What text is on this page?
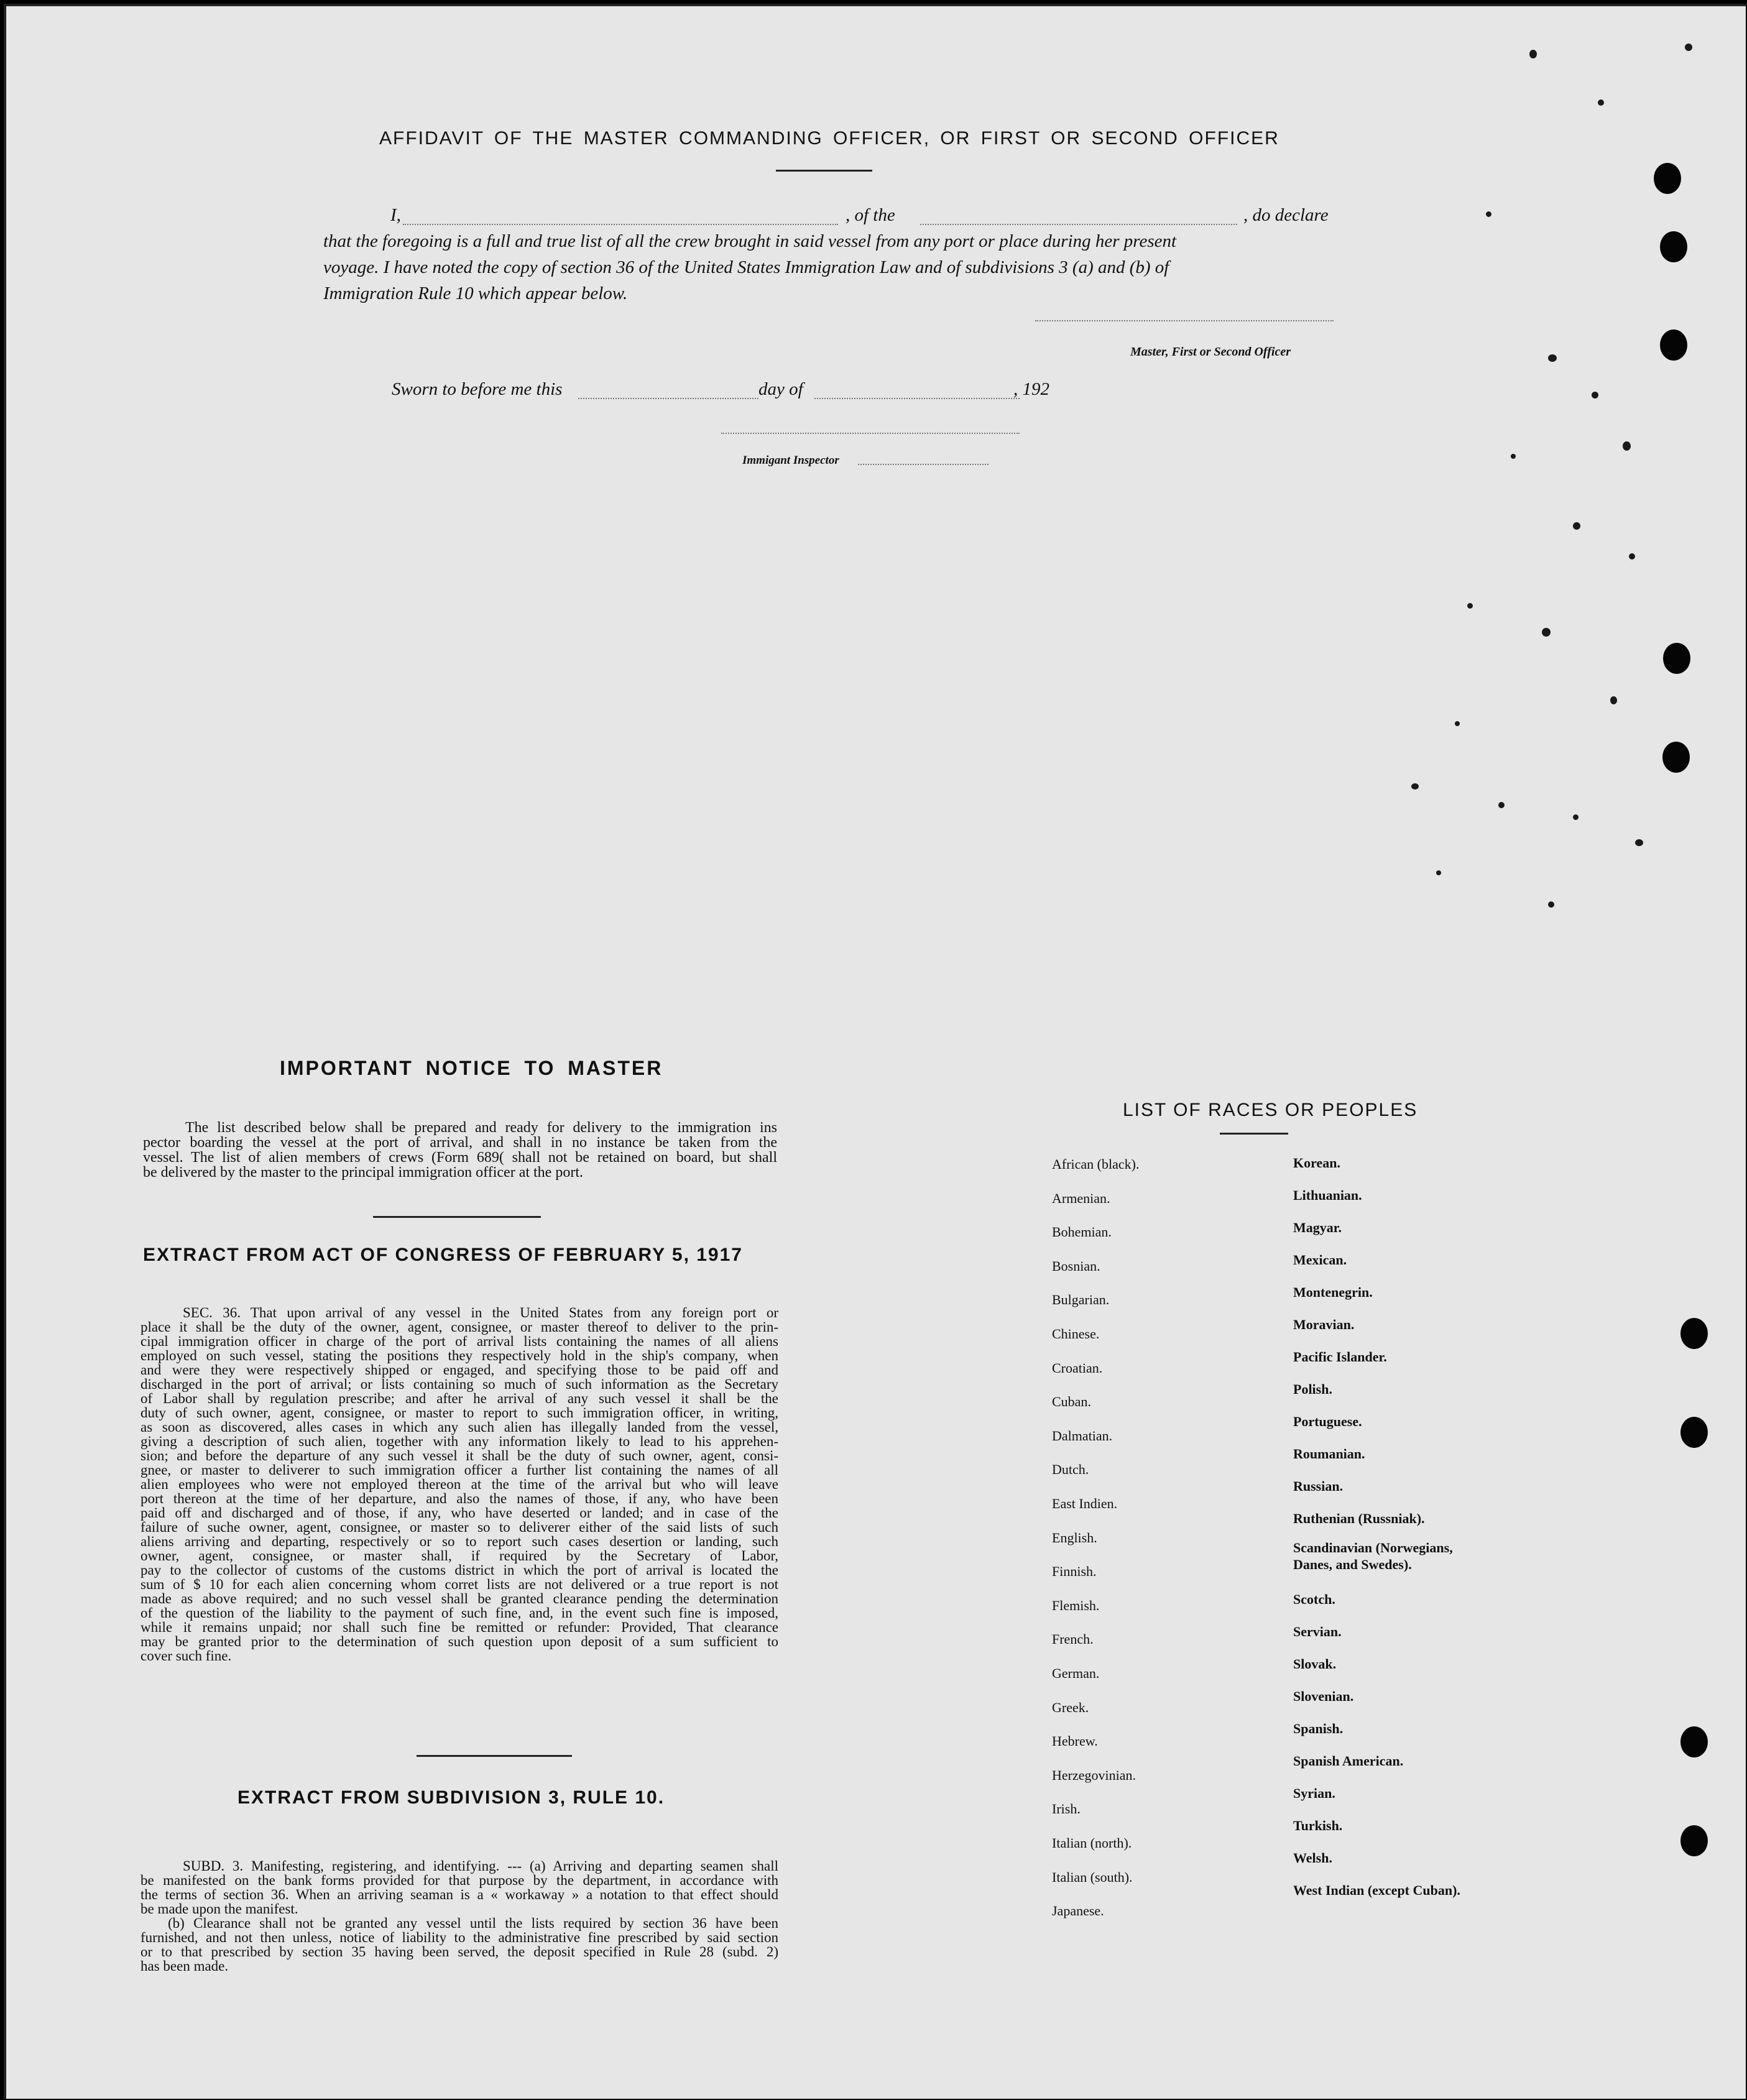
AFFIDAVIT OF THE MASTER COMMANDING OFFICER, OR FIRST OR SECOND OFFICER
I,	, of the	, do declare
that the foregoing is a full and true list of all the crew brought in said vessel from any port or place during her present
voyage. I have noted the copy of section 36 of the United States Immigration Law and of subdivisions 3 (a) and (b) of
Immigration Rule 10 which appear below.
Master, First or Second Officer
Sworn to before me this	day of	, 192
Immigant Inspector
IMPORTANT NOTICE TO MASTER
The list described below shall be prepared and ready for delivery to the immigration ins
pector boarding the vessel at the port of arrival, and shall in no instance be taken from the
vessel. The list of alien members of crews (Form 689( shall not be retained on board, but shall
be delivered by the master to the principal immigration officer at the port.
EXTRACT FROM ACT OF CONGRESS OF FEBRUARY 5, 1917
SEC. 36. That upon arrival of any vessel in the United States from any foreign port or
place it shall be the duty of the owner, agent, consignee, or master thereof to deliver to the prin-
cipal immigration officer in charge of the port of arrival lists containing the names of all aliens
employed on such vessel, stating the positions they respectively hold in the ship's company, when
and were they were respectively shipped or engaged, and specifying those to be paid off and
discharged in the port of arrival; or lists containing so much of such information as the Secretary
of Labor shall by regulation prescribe; and after he arrival of any such vessel it shall be the
duty of such owner, agent, consignee, or master to report to such immigration officer, in writing,
as soon as discovered, alles cases in which any such alien has illegally landed from the vessel,
giving a description of such alien, together with any information likely to lead to his apprehen-
sion; and before the departure of any such vessel it shall be the duty of such owner, agent, consi-
gnee, or master to deliverer to such immigration officer a further list containing the names of all
alien employees who were not employed thereon at the time of the arrival but who will leave
port thereon at the time of her departure, and also the names of those, if any, who have been
paid off and discharged and of those, if any, who have deserted or landed; and in case of the
failure of suche owner, agent, consignee, or master so to deliverer either of the said lists of such
aliens arriving and departing, respectively or so to report such cases desertion or landing, such
owner, agent, consignee, or master shall, if required by the Secretary of Labor,
pay to the collector of customs of the customs district in which the port of arrival is located the
sum of $ 10 for each alien concerning whom corret lists are not delivered or a true report is not
made as above required; and no such vessel shall be granted clearance pending the determination
of the question of the liability to the payment of such fine, and, in the event such fine is imposed,
while it remains unpaid; nor shall such fine be remitted or refunder: Provided, That clearance
may be granted prior to the determination of such question upon deposit of a sum sufficient to
cover such fine.
EXTRACT FROM SUBDIVISION 3, RULE 10.
SUBD. 3. Manifesting, registering, and identifying. --- (a) Arriving and departing seamen shall
be manifested on the bank forms provided for that purpose by the department, in accordance with
the terms of section 36. When an arriving seaman is a « workaway » a notation to that effect should
be made upon the manifest.
(b) Clearance shall not be granted any vessel until the lists required by section 36 have been
furnished, and not then unless, notice of liability to the administrative fine prescribed by said section
or to that prescribed by section 35 having been served, the deposit specified in Rule 28 (subd. 2)
has been made.
LIST OF RACES OR PEOPLES
African (black).
Armenian.
Bohemian.
Bosnian.
Bulgarian.
Chinese.
Croatian.
Cuban.
Dalmatian.
Dutch.
East Indien.
English.
Finnish.
Flemish.
French.
German.
Greek.
Hebrew.
Herzegovinian.
Irish.
Italian (north).
Italian (south).
Japanese.
Korean.
Lithuanian.
Magyar.
Mexican.
Montenegrin.
Moravian.
Pacific Islander.
Polish.
Portuguese.
Roumanian.
Russian.
Ruthenian (Russniak).
Scandinavian (Norwegians,
Danes, and Swedes).
Scotch.
Servian.
Slovak.
Slovenian.
Spanish.
Spanish American.
Syrian.
Turkish.
Welsh.
West Indian (except Cuban).
